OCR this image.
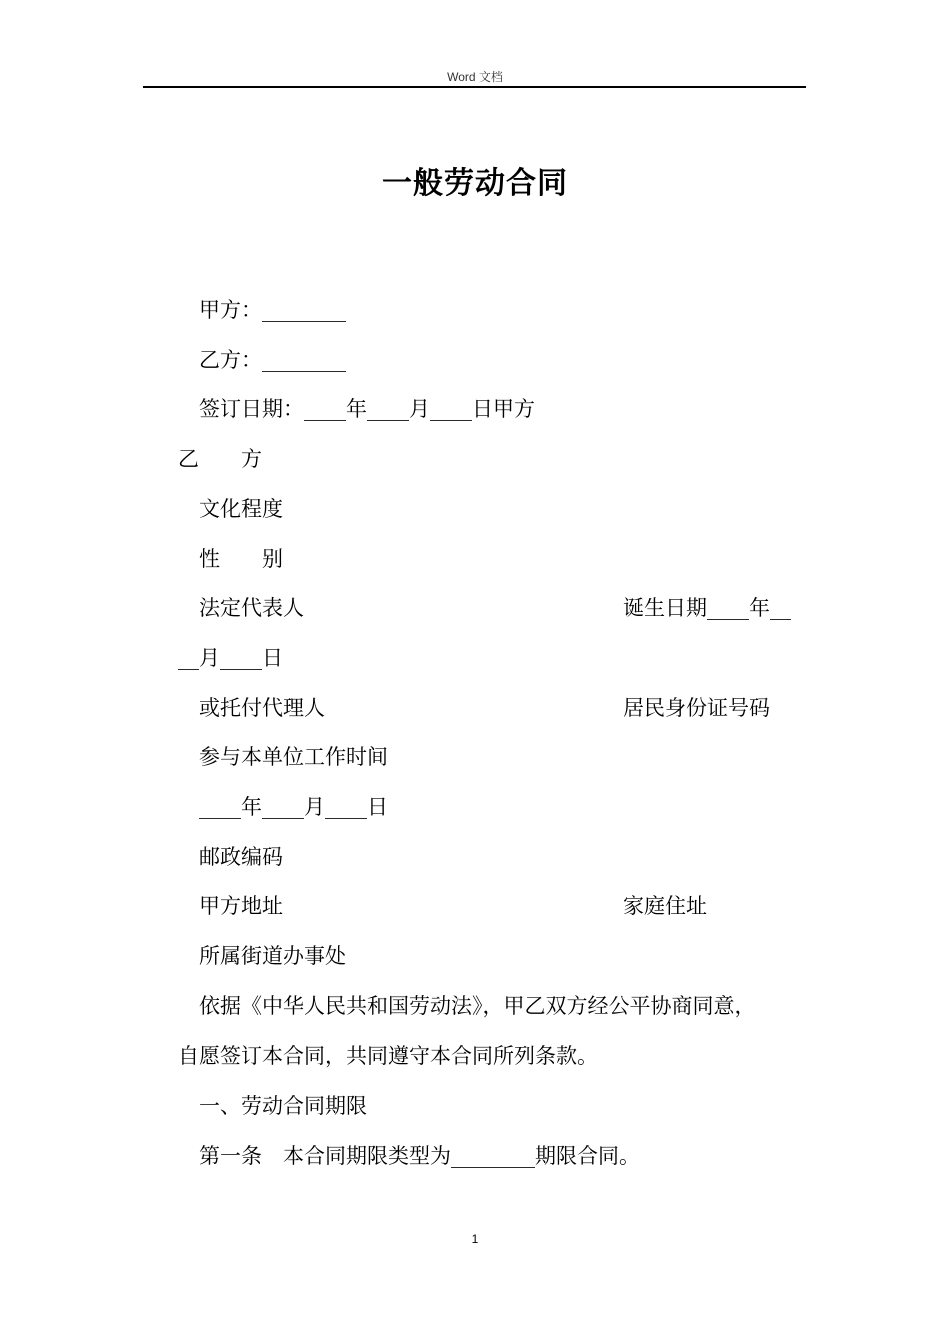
Word 文档
一般劳动合同
甲方：________
乙方：________
签订日期：____年____月____日甲方
乙　　方
文化程度
性　　别
法定代表人	诞生日期____年__
__月____日
或托付代理人	居民身份证号码
参与本单位工作时间
____年____月____日
邮政编码
甲方地址	家庭住址
所属街道办事处
依据《中华人民共和国劳动法》，甲乙双方经公平协商同意，
自愿签订本合同，共同遵守本合同所列条款。
一、劳动合同期限
第一条　本合同期限类型为________期限合同。
1
